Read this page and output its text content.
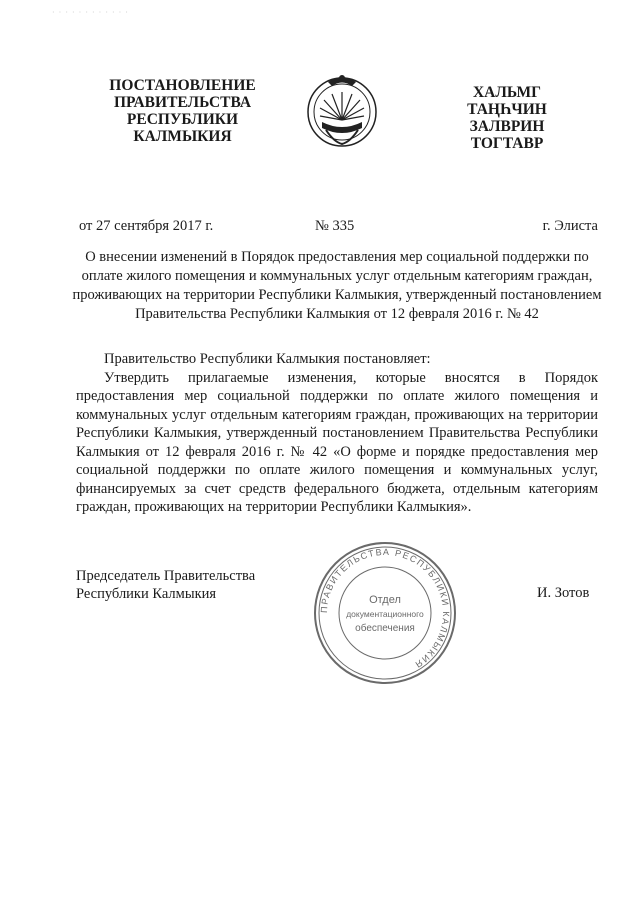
· · · · · · · · · · · ·
ПОСТАНОВЛЕНИЕ
ПРАВИТЕЛЬСТВА
РЕСПУБЛИКИ
КАЛМЫКИЯ
ХАЛЬМГ
ТАҢҺЧИН
ЗАЛВРИН
ТОГТАВР
от 27 сентября 2017 г.	№ 335	г. Элиста
О внесении изменений в Порядок предоставления мер социальной поддержки по оплате жилого помещения и коммунальных услуг отдельным категориям граждан, проживающих на территории Республики Калмыкия, утвержденный постановлением Правительства Республики Калмыкия от 12 февраля 2016 г. № 42

Правительство Республики Калмыкия постановляет:

Утвердить прилагаемые изменения, которые вносятся в Порядок предоставления мер социальной поддержки по оплате жилого помещения и коммунальных услуг отдельным категориям граждан, проживающих на территории Республики Калмыкия, утвержденный постановлением Правительства Республики Калмыкия от 12 февраля 2016 г. № 42 «О форме и порядке предоставления мер социальной поддержки по оплате жилого помещения и коммунальных услуг, финансируемых за счет средств федерального бюджета, отдельным категориям граждан, проживающих на территории Республики Калмыкия».

Председатель Правительства
Республики Калмыкия	И. Зотов
ПРАВИТЕЛЬСТВА РЕСПУБЛИКИ КАЛМЫКИЯ
Отдел
документационного
обеспечения
